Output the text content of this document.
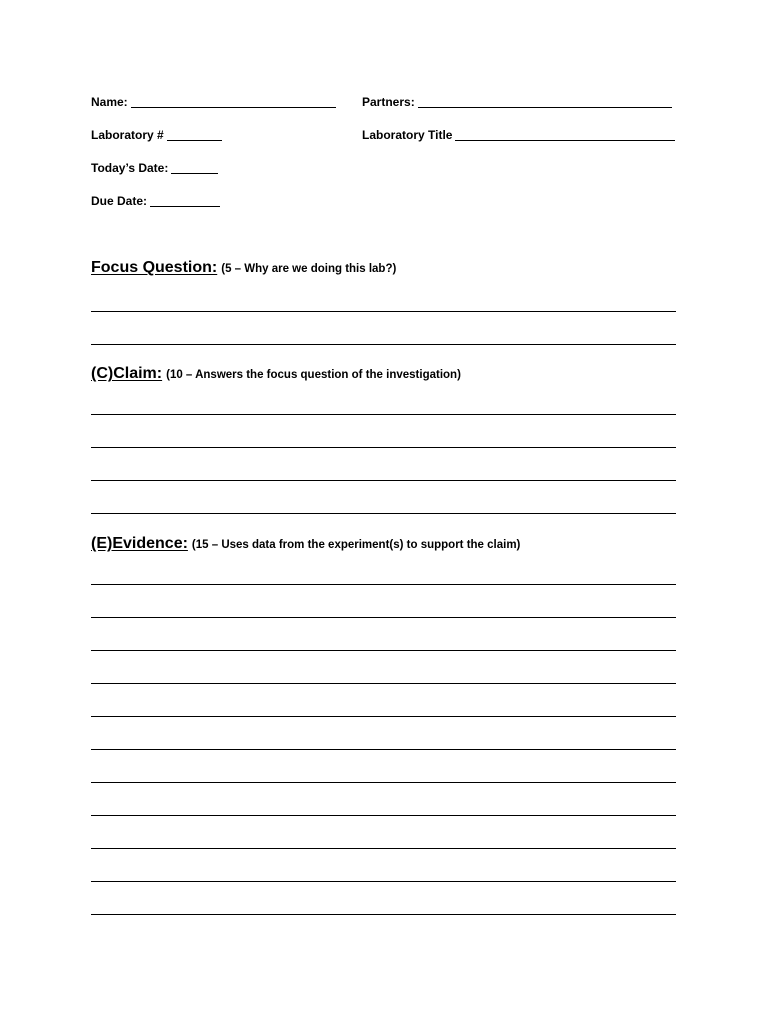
Name:	Partners:
Laboratory #	Laboratory Title
Today’s Date:
Due Date:
Focus Question: (5 – Why are we doing this lab?)
(C)Claim: (10 – Answers the focus question of the investigation)
(E)Evidence: (15 – Uses data from the experiment(s) to support the claim)
